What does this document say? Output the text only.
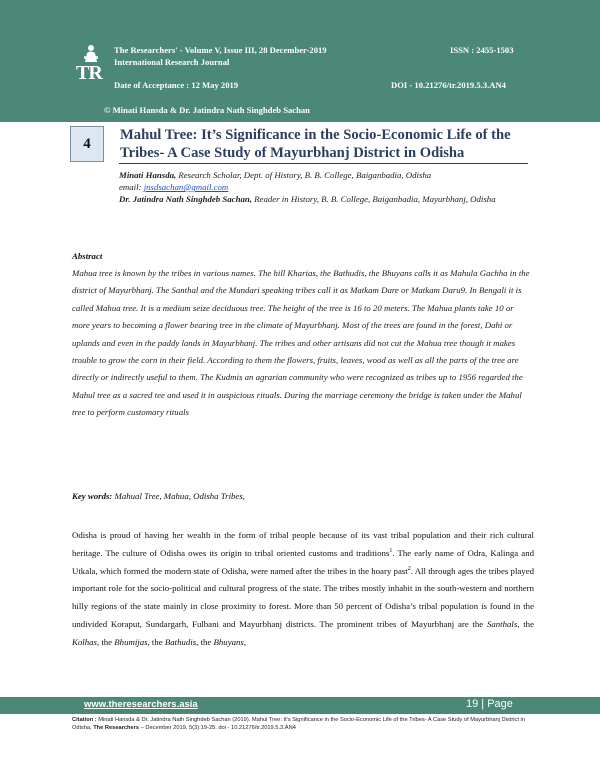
TR
The Researchers' - Volume V, Issue III, 28 December-2019
International Research Journal
ISSN : 2455-1503
Date of Acceptance : 12 May 2019	DOI - 10.21276/tr.2019.5.3.AN4
© Minati Hansda & Dr. Jatindra Nath Singhdeb Sachan
4
Mahul Tree: It’s Significance in the Socio-Economic Life of the Tribes- A Case Study of Mayurbhanj District in Odisha

Minati Hansda, Research Scholar, Dept. of History, B. B. College, Baiganbadia, Odisha

email: jnsdsachan@gmail.com

Dr. Jatindra Nath Singhdeb Sachan, Reader in History, B. B. College, Baiganbadia, Mayurbhanj, Odisha

Abstract

Mahua tree is known by the tribes in various names. The hill Kharias, the Bathudis, the Bhuyans calls it as Mahula Gachha in the district of Mayurbhanj. The Santhal and the Mundari speaking tribes call it as Matkam Dare or Matkam Daru9. In Bengali it is called Mahua tree. It is a medium seize deciduous tree. The height of the tree is 16 to 20 meters. The Mahua plants take 10 or more years to becoming a flower bearing tree in the climate of Mayurbhanj. Most of the trees are found in the forest, Dahi or uplands and even in the paddy lands in Mayurbhanj. The tribes and other artisans did not cut the Mahua tree though it makes trouble to grow the corn in their field. According to them the flowers, fruits, leaves, wood as well as all the parts of the tree are directly or indirectly useful to them. The Kudmis an agrarian community who were recognized as tribes up to 1956 regarded the Mahul tree as a sacred tee and used it in auspicious rituals. During the marriage ceremony the bridge is taken under the Mahul tree to perform customary rituals

Key words: Mahual Tree, Mahua, Odisha Tribes,

Odisha is proud of having her wealth in the form of tribal people because of its vast tribal population and their rich cultural heritage. The culture of Odisha owes its origin to tribal oriented customs and traditions$^1$. The early name of Odra, Kalinga and Utkala, which formed the modern state of Odisha, were named after the tribes in the hoary past$^2$. All through ages the tribes played important role for the socio-political and cultural progress of the state. The tribes mostly inhabit in the south-western and northern hilly regions of the state mainly in close proximity to forest. More than 50 percent of Odisha’s tribal population is found in the undivided Koraput, Sundargarh, Fulbani and Mayurbhanj districts. The prominent tribes of Mayurbhanj are the Santhals, the Kolhas, the Bhumijas, the Bathudis, the Bhuyans,

www.theresearchers.asia	19 | Page

Citation : Minati Hansda & Dr. Jatindra Nath Singhdeb Sachan (2019). Mahul Tree: It’s Significance in the Socio-Economic Life of the Tribes- A Case Study of Mayurbhanj District in Odisha, The Researchers – December 2019, 5(3):19-25. doi - 10.21276/tr.2019.5.3.AN4
